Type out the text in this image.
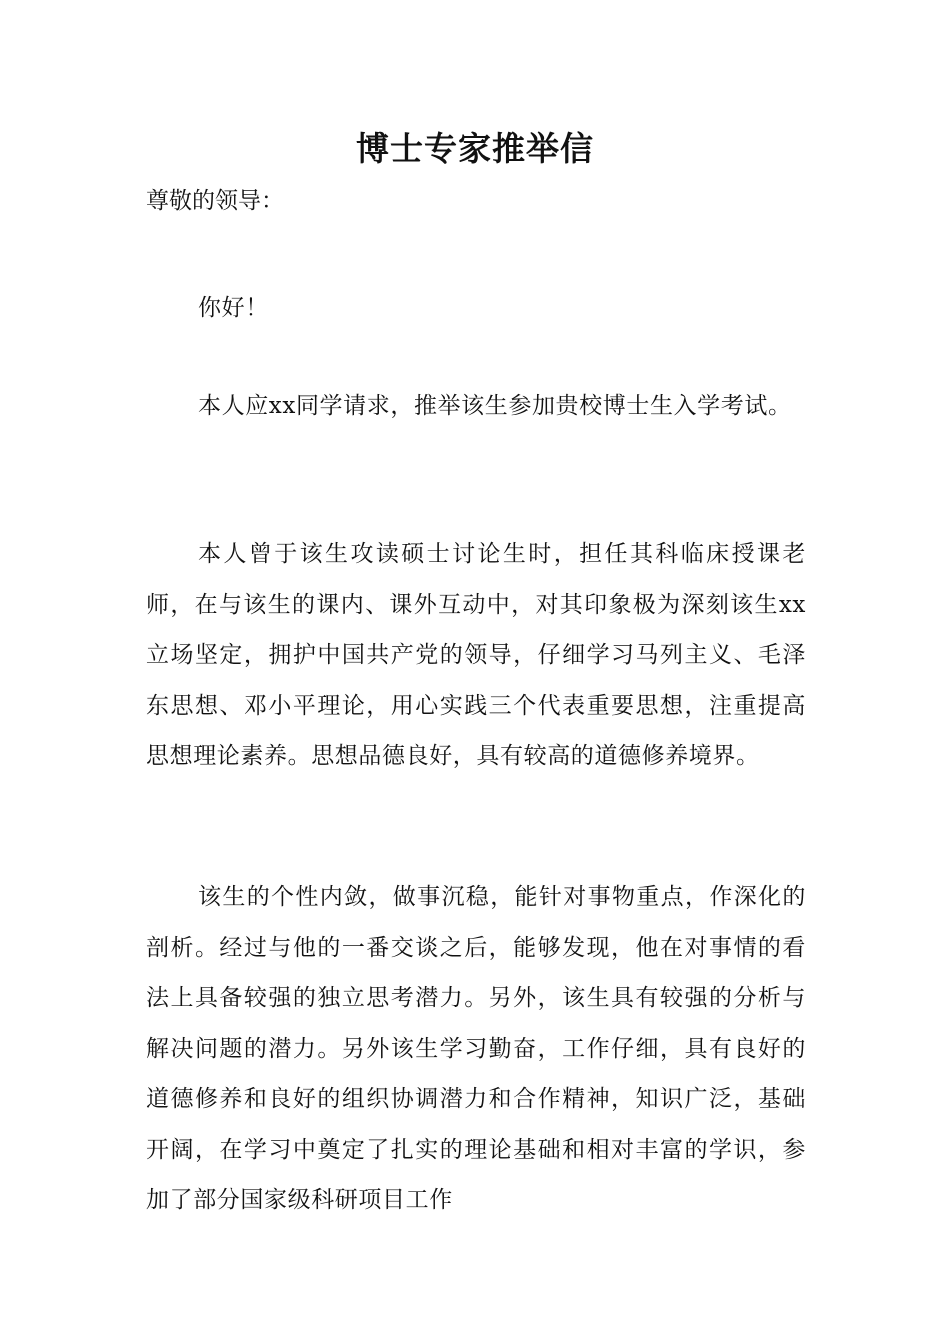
博士专家推举信

尊敬的领导：

你好！

本人应xx同学请求，推举该生参加贵校博士生入学考试。

本人曾于该生攻读硕士讨论生时，担任其科临床授课老师，在与该生的课内、课外互动中，对其印象极为深刻该生xx立场坚定，拥护中国共产党的领导，仔细学习马列主义、毛泽东思想、邓小平理论，用心实践三个代表重要思想，注重提高思想理论素养。思想品德良好，具有较高的道德修养境界。

该生的个性内敛，做事沉稳，能针对事物重点，作深化的剖析。经过与他的一番交谈之后，能够发现，他在对事情的看法上具备较强的独立思考潜力。另外，该生具有较强的分析与解决问题的潜力。另外该生学习勤奋，工作仔细，具有良好的道德修养和良好的组织协调潜力和合作精神，知识广泛，基础开阔，在学习中奠定了扎实的理论基础和相对丰富的学识，参加了部分国家级科研项目工作
